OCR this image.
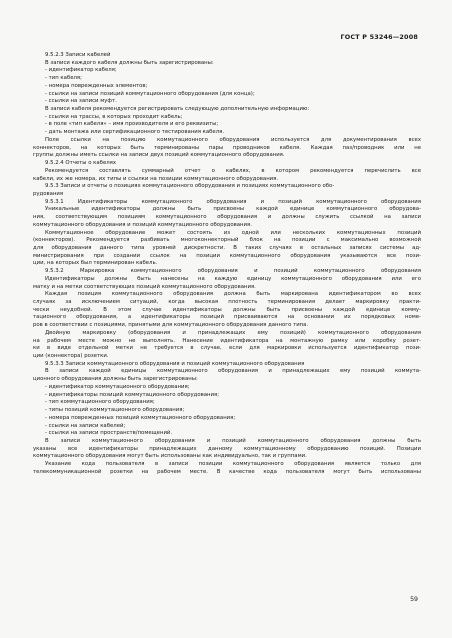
ГОСТ Р 53246—2008
9.5.2.3 Записи кабелей
В записи каждого кабеля должны быть зарегистрированы:
- идентификатор кабеля;
- тип кабеля;
- номера поврежденных элементов;
- ссылки на записи позиций коммутационного оборудования (для конца);
- ссылки на записи муфт.
В записи кабеля рекомендуется регистрировать следующую дополнительную информацию:
- ссылки на трассы, в которых проходит кабель;
- в поле «тип кабеля» – имя производителя и его реквизиты;
- дать монтажа или сертификационного тестирования кабеля.
Поле ссылки на позицию коммутационного оборудования используется для документирования всех
коннекторов, на которых быть терминированы пары проводников кабеля. Каждая паз/проводник или не
группы должны иметь ссылки на записи двух позиций коммутационного оборудования.
9.5.2.4 Отчеты о кабелях
Рекомендуется составлять суммарный отчет о кабелях, в котором рекомендуется перечислить все
кабели, их же номера, их типы и ссылки на позиции коммутационного оборудования.
9.5.3 Записи и отчеты о позициях коммутационного оборудования и позициях коммутационного обо-
рудования
9.5.3.1 Идентификаторы коммутационного оборудования и позиций коммутационного оборудования
Уникальные идентификаторы должны быть присвоены каждой единице коммутационного оборудова-
ния, соответствующим позициям коммутационного оборудования и должны служить ссылкой на записи
коммутационного оборудования и позиций коммутационного оборудования.
Коммутационное оборудование может состоять из одной или нескольких коммутационных позиций
(коннекторов). Рекомендуется разбивать многоконнекторный блок на позиции с максимально возможной
для оборудования данного типа уровней дискретности. В таких случаях в остальных записях системы ад-
министрирования при создании ссылок на позиции коммутационного оборудования указываются все пози-
ции, на которых был терминирован кабель.
9.5.3.2 Маркировка коммутационного оборудования и позиций коммутационного оборудования
Идентификаторы должны быть нанесены на каждую единицу коммутационного оборудования или его
матку и на метки соответствующих позиций коммутационного оборудования.
Каждая позиция коммутационного оборудования должна быть маркирована идентификатором во всех
случаях за исключением ситуаций, когда высокая плотность терминирования делает маркировку практи-
чески неудобной. В этом случае идентификаторы должны быть присвоены каждой единице комму-
тационного оборудования, а идентификаторы позиций присваиваются на основании их порядковых номе-
ров в соответствии с позициями, принятыми для коммутационного оборудования данного типа.
Двойную маркировку (оборудования и принадлежащих ему позиций) коммутационного оборудования
на рабочем месте можно не выполнять. Нанесение идентификатора на монтажную рамку или коробку розет-
ки в виде отдельной метки не требуется в случае, если для маркировки используется идентификатор пози-
ции (коннектора) розетки.
9.5.3.3 Записи коммутационного оборудования и позиций коммутационного оборудования
В записи каждой единицы коммутационного оборудования и принадлежащих ему позиций коммута-
ционного оборудования должны быть зарегистрированы:
- идентификатор коммутационного оборудования;
- идентификаторы позиций коммутационного оборудования;
- тип коммутационного оборудования;
- типы позиций коммутационного оборудования;
- номера поврежденных позиций коммутационного оборудования;
- ссылки на записи кабелей;
- ссылки на записи пространств/помещений.
В записи коммутационного оборудования и позиций коммутационного оборудования должны быть
указаны все идентификаторы принадлежащих данному коммутационному оборудованию позиций. Позиции
коммутационного оборудования могут быть использованы как индивидуально, так и группами.
Указание кода пользователя в записи позиции коммутационного оборудования является только для
телекоммуникационной розетки на рабочем месте. В качестве кода пользователя могут быть использованы
59
